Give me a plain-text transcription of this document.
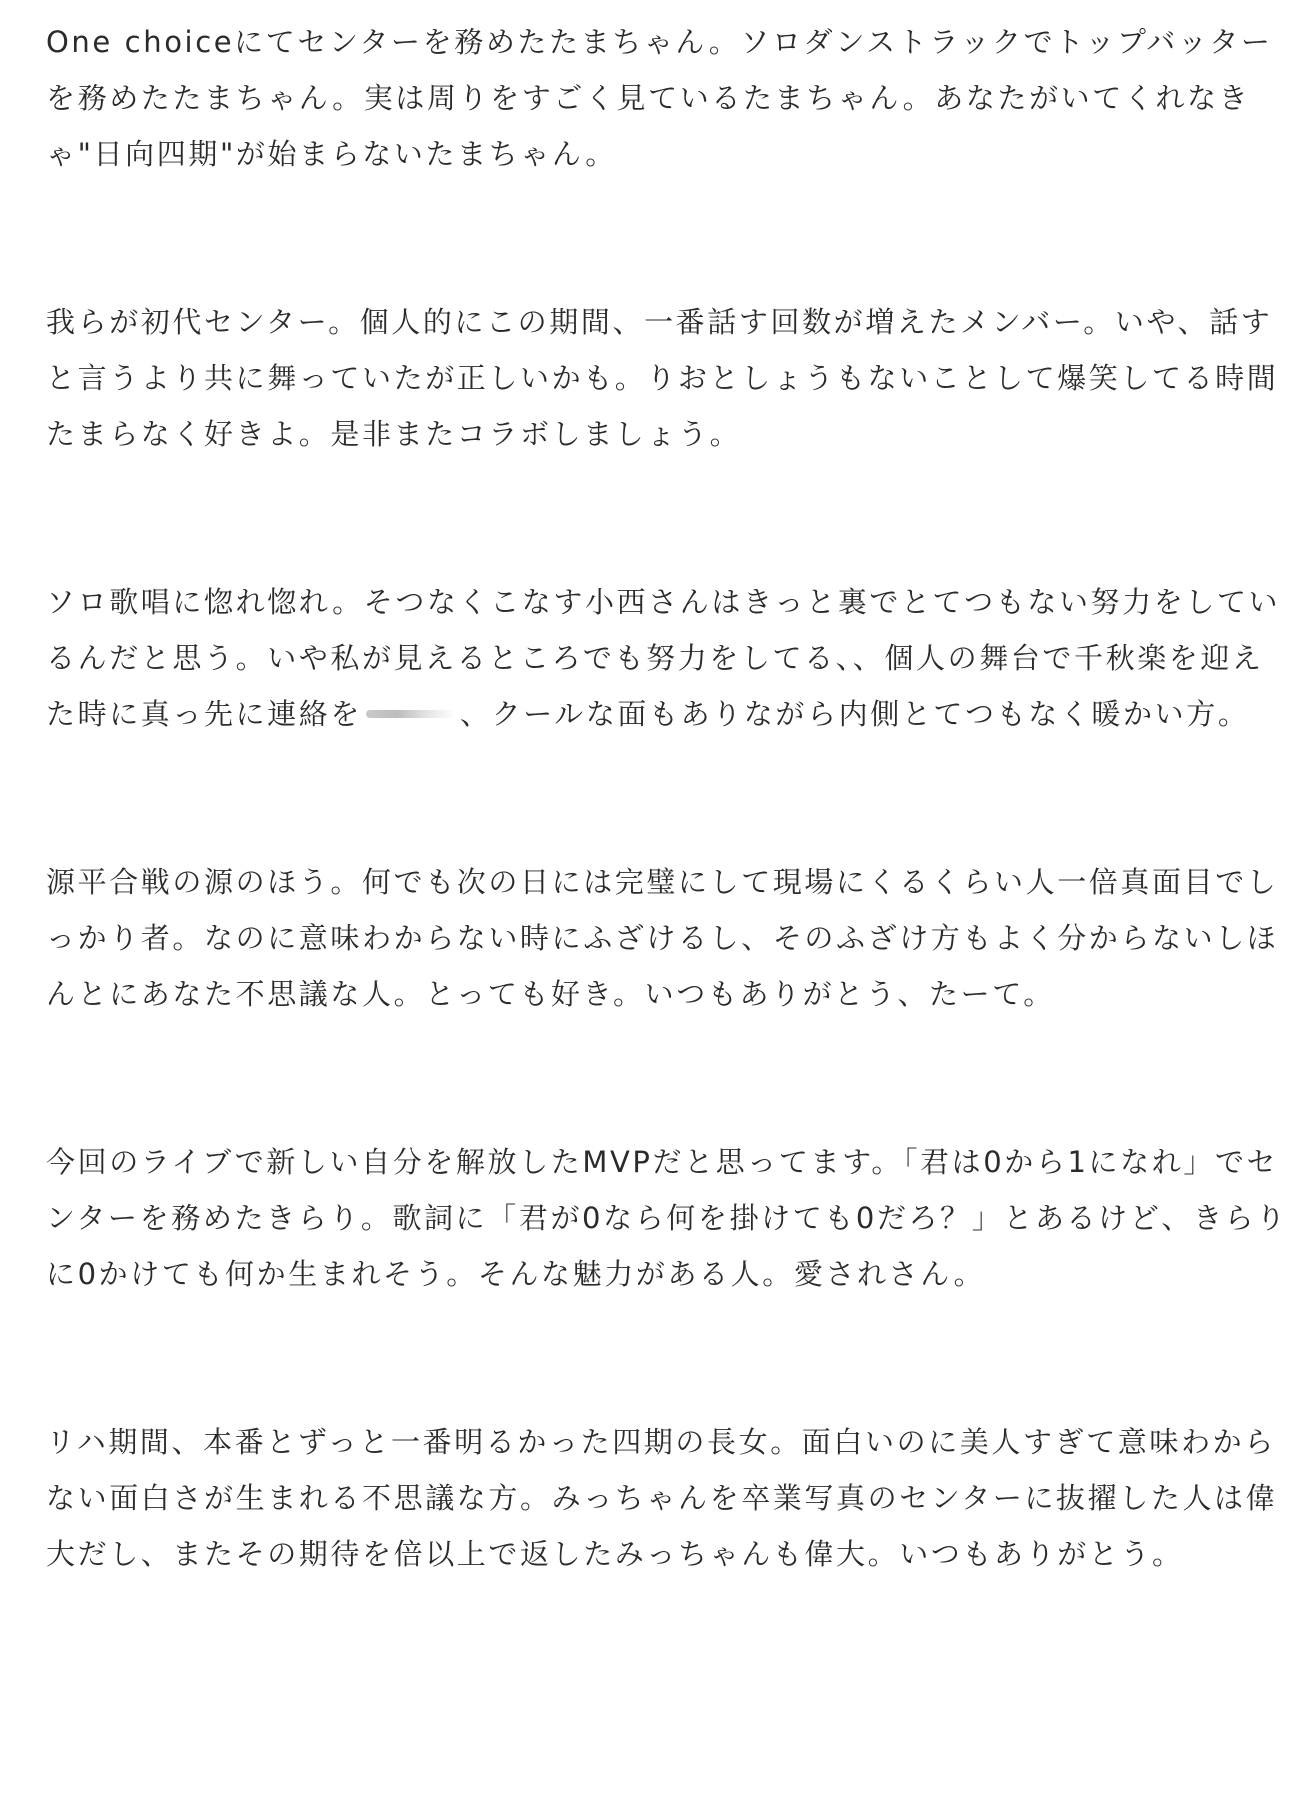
One choiceにてセンターを務めたたまちゃん。ソロダンストラックでトップバッターを務めたたまちゃん。実は周りをすごく見ているたまちゃん。あなたがいてくれなきゃ"日向四期"が始まらないたまちゃん。

我らが初代センター。個人的にこの期間、一番話す回数が増えたメンバー。いや、話すと言うより共に舞っていたが正しいかも。りおとしょうもないことして爆笑してる時間たまらなく好きよ。是非またコラボしましょう。

ソロ歌唱に惚れ惚れ。そつなくこなす小西さんはきっと裏でとてつもない努力をしているんだと思う。いや私が見えるところでも努力をしてる、、個人の舞台で千秋楽を迎えた時に真っ先に連絡を	、クールな面もありながら内側とてつもなく暖かい方。

源平合戦の源のほう。何でも次の日には完璧にして現場にくるくらい人一倍真面目でしっかり者。なのに意味わからない時にふざけるし、そのふざけ方もよく分からないしほんとにあなた不思議な人。とっても好き。いつもありがとう、たーて。

今回のライブで新しい自分を解放したMVPだと思ってます。「君は0から1になれ」でセンターを務めたきらり。歌詞に「君が0なら何を掛けても0だろ？」とあるけど、きらりに0かけても何か生まれそう。そんな魅力がある人。愛されさん。

リハ期間、本番とずっと一番明るかった四期の長女。面白いのに美人すぎて意味わからない面白さが生まれる不思議な方。みっちゃんを卒業写真のセンターに抜擢した人は偉大だし、またその期待を倍以上で返したみっちゃんも偉大。いつもありがとう。
